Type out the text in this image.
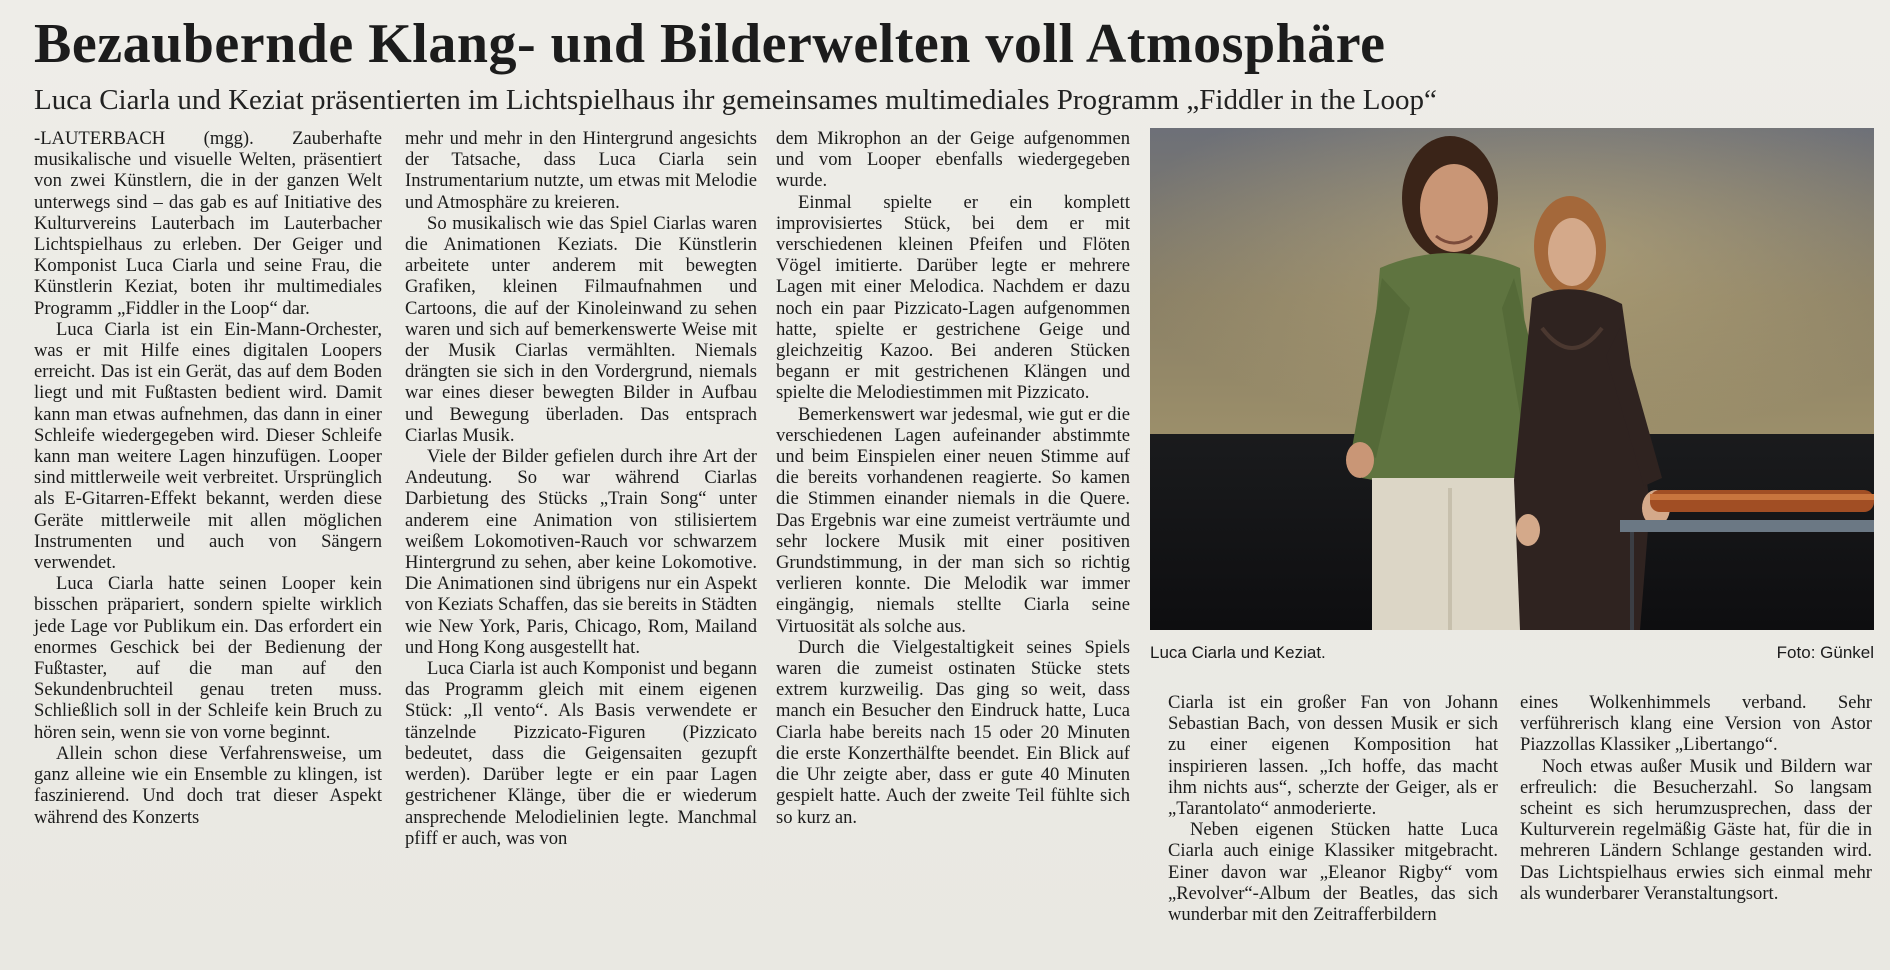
Bezaubernde Klang- und Bilderwelten voll Atmosphäre
Luca Ciarla und Keziat präsentierten im Lichtspielhaus ihr gemeinsames multimediales Programm „Fiddler in the Loop“

-LAUTERBACH (mgg). Zauberhafte musikalische und visuelle Welten, präsentiert von zwei Künstlern, die in der ganzen Welt unterwegs sind – das gab es auf Initiative des Kulturvereins Lauterbach im Lauterbacher Lichtspielhaus zu erleben. Der Geiger und Komponist Luca Ciarla und seine Frau, die Künstlerin Keziat, boten ihr multimediales Programm „Fiddler in the Loop“ dar.

Luca Ciarla ist ein Ein-Mann-Orchester, was er mit Hilfe eines digitalen Loopers erreicht. Das ist ein Gerät, das auf dem Boden liegt und mit Fußtasten bedient wird. Damit kann man etwas aufnehmen, das dann in einer Schleife wiedergegeben wird. Dieser Schleife kann man weitere Lagen hinzufügen. Looper sind mittlerweile weit verbreitet. Ursprünglich als E-Gitarren-Effekt bekannt, werden diese Geräte mittlerweile mit allen möglichen Instrumenten und auch von Sängern verwendet.

Luca Ciarla hatte seinen Looper kein bisschen präpariert, sondern spielte wirklich jede Lage vor Publikum ein. Das erfordert ein enormes Geschick bei der Bedienung der Fußtaster, auf die man auf den Sekundenbruchteil genau treten muss. Schließlich soll in der Schleife kein Bruch zu hören sein, wenn sie von vorne beginnt.

Allein schon diese Verfahrensweise, um ganz alleine wie ein Ensemble zu klingen, ist faszinierend. Und doch trat dieser Aspekt während des Konzerts

mehr und mehr in den Hintergrund angesichts der Tatsache, dass Luca Ciarla sein Instrumentarium nutzte, um etwas mit Melodie und Atmosphäre zu kreieren.

So musikalisch wie das Spiel Ciarlas waren die Animationen Keziats. Die Künstlerin arbeitete unter anderem mit bewegten Grafiken, kleinen Filmaufnahmen und Cartoons, die auf der Kinoleinwand zu sehen waren und sich auf bemerkenswerte Weise mit der Musik Ciarlas vermählten. Niemals drängten sie sich in den Vordergrund, niemals war eines dieser bewegten Bilder in Aufbau und Bewegung überladen. Das entsprach Ciarlas Musik.

Viele der Bilder gefielen durch ihre Art der Andeutung. So war während Ciarlas Darbietung des Stücks „Train Song“ unter anderem eine Animation von stilisiertem weißem Lokomotiven-Rauch vor schwarzem Hintergrund zu sehen, aber keine Lokomotive. Die Animationen sind übrigens nur ein Aspekt von Keziats Schaffen, das sie bereits in Städten wie New York, Paris, Chicago, Rom, Mailand und Hong Kong ausgestellt hat.

Luca Ciarla ist auch Komponist und begann das Programm gleich mit einem eigenen Stück: „Il vento“. Als Basis verwendete er tänzelnde Pizzicato-Figuren (Pizzicato bedeutet, dass die Geigensaiten gezupft werden). Darüber legte er ein paar Lagen gestrichener Klänge, über die er wiederum ansprechende Melodielinien legte. Manchmal pfiff er auch, was von

dem Mikrophon an der Geige aufgenommen und vom Looper ebenfalls wiedergegeben wurde.

Einmal spielte er ein komplett improvisiertes Stück, bei dem er mit verschiedenen kleinen Pfeifen und Flöten Vögel imitierte. Darüber legte er mehrere Lagen mit einer Melodica. Nachdem er dazu noch ein paar Pizzicato-Lagen aufgenommen hatte, spielte er gestrichene Geige und gleichzeitig Kazoo. Bei anderen Stücken begann er mit gestrichenen Klängen und spielte die Melodiestimmen mit Pizzicato.

Bemerkenswert war jedesmal, wie gut er die verschiedenen Lagen aufeinander abstimmte und beim Einspielen einer neuen Stimme auf die bereits vorhandenen reagierte. So kamen die Stimmen einander niemals in die Quere. Das Ergebnis war eine zumeist verträumte und sehr lockere Musik mit einer positiven Grundstimmung, in der man sich so richtig verlieren konnte. Die Melodik war immer eingängig, niemals stellte Ciarla seine Virtuosität als solche aus.

Durch die Vielgestaltigkeit seines Spiels waren die zumeist ostinaten Stücke stets extrem kurzweilig. Das ging so weit, dass manch ein Besucher den Eindruck hatte, Luca Ciarla habe bereits nach 15 oder 20 Minuten die erste Konzerthälfte beendet. Ein Blick auf die Uhr zeigte aber, dass er gute 40 Minuten gespielt hatte. Auch der zweite Teil fühlte sich so kurz an.

Luca Ciarla und Keziat.	Foto: Günkel

Ciarla ist ein großer Fan von Johann Sebastian Bach, von dessen Musik er sich zu einer eigenen Komposition hat inspirieren lassen. „Ich hoffe, das macht ihm nichts aus“, scherzte der Geiger, als er „Tarantolato“ anmoderierte.

Neben eigenen Stücken hatte Luca Ciarla auch einige Klassiker mitgebracht. Einer davon war „Eleanor Rigby“ vom „Revolver“-Album der Beatles, das sich wunderbar mit den Zeitrafferbildern

eines Wolkenhimmels verband. Sehr verführerisch klang eine Version von Astor Piazzollas Klassiker „Libertango“.

Noch etwas außer Musik und Bildern war erfreulich: die Besucherzahl. So langsam scheint es sich herumzusprechen, dass der Kulturverein regelmäßig Gäste hat, für die in mehreren Ländern Schlange gestanden wird. Das Lichtspielhaus erwies sich einmal mehr als wunderbarer Veranstaltungsort.
